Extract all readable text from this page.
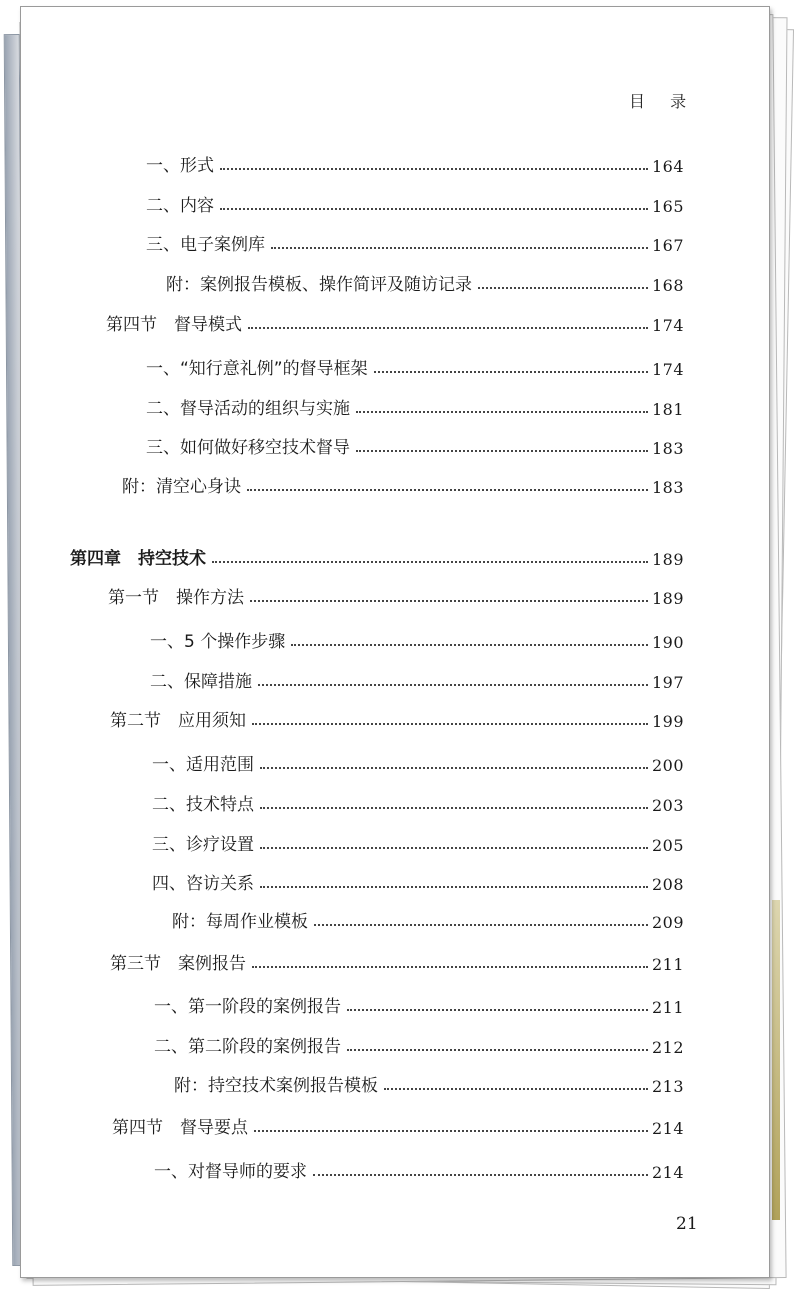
目 录
一、形式	164
二、内容	165
三、电子案例库	167
附：案例报告模板、操作简评及随访记录	168
第四节　督导模式	174
一、“知行意礼例”的督导框架	174
二、督导活动的组织与实施	181
三、如何做好移空技术督导	183
附：清空心身诀	183
第四章　持空技术	189
第一节　操作方法	189
一、5 个操作步骤	190
二、保障措施	197
第二节　应用须知	199
一、适用范围	200
二、技术特点	203
三、诊疗设置	205
四、咨访关系	208
附：每周作业模板	209
第三节　案例报告	211
一、第一阶段的案例报告	211
二、第二阶段的案例报告	212
附：持空技术案例报告模板	213
第四节　督导要点	214
一、对督导师的要求	214

21
